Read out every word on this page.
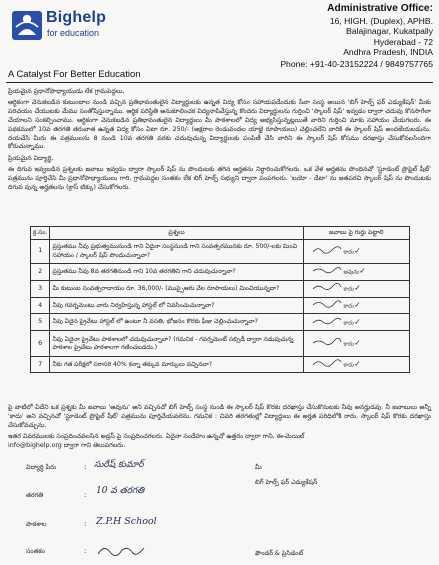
Bighelp
for education
A Catalyst For Better Education
Administrative Office:
16, HIGH. (Duplex), APHB.
Balajinagar, Kukatpally
Hyderabad - 72
Andhra Pradesh, INDIA
Phone: +91-40-23152224 / 9849757765

ప్రియమైన ప్రధానోపాధ్యాయుడు లేక గ్రామపెద్దలు,

ఆర్థికంగా వెనుకబడిన కుటుంబాల నుండి వచ్చిన ప్రతిభావంతులైన విద్యార్థులకు ఉన్నత విద్య కోసం సహాయపడేందుకు సేవా సంస్థ అయిన 'బిగ్ హెల్ప్ ఫర్ ఎడ్యుకేషన్' మీకు పరిచయం చేయుటకు మేము సంతోషిస్తున్నాము. ఆర్థిక పరిస్థితి అనుకూలించక విద్యనాపివేస్తున్న కొందరు విద్యార్థులను గుర్తించి 'స్కాలర్ షిప్' ఇవ్వడం ద్వారా చదువు కొనసాగేలా చేయాలని సంకల్పించాము. ఆర్థికంగా వెనుకబడిన ప్రతిభావంతులైన విద్యార్థులు మీ పాఠశాలలో విద్య అభ్యసిస్తున్నట్లయితే వారిని గుర్తించి మాకు సహాయం చేయగలరు. ఈ పథకములో 10వ తరగతి తరువాత ఉన్నత విద్య కోసం ఏటా రూ. 250/- (అక్షరాల రెండువందల యాభై రూపాయలు) చెల్లించలేని వారికి ఈ స్కాలర్ షిప్ అందజేయబడును. దయచేసి మీరు ఈ పత్రములను 8 నుండి 10వ తరగతి వరకు చదువుచున్న విద్యార్థులకు పంపిణీ చేసి వారిని ఈ స్కాలర్ షిప్ కోసము దరఖాస్తు చేసుకోవలసిందిగా కోరుచున్నాము.

ప్రియమైన విద్యార్థి,

ఈ దిగువ ఇవ్వబడిన ప్రశ్నలకు జవాబు ఇవ్వడం ద్వారా స్కాలర్ షిప్ ను పొందుటకు తగిన అర్హతను నిర్ధారించుకోగలరు. ఒక వేళ అర్హతను పొందినచో 'స్టూడెంట్ ప్రొఫైల్ షీట్' పత్రమును పూర్తిచేసి మీ ప్రధానోపాధ్యాయులు గారి, గ్రామపెద్దల సంతకం లేక బిగ్ హెల్ప్ సభ్యుని ద్వారా పంపగలరు. 'బయో - డేటా' ను జతపరచి స్కాలర్ షిప్ ను పొందుటకు దిగువ వున్న అర్హతలను (క్రాస్ టిక్కు) చేసుకోగలరు.

క్ర.సం.	ప్రశ్నలు	జవాబు పై గుర్తు పెట్టాలి
1	ప్రస్తుతము నీవు ప్రభుత్వమునుండి గాని ఏదైనా సంస్థనుండి గాని సంవత్సరమునకు రూ. 500/-లకు మించి సహాయం / స్కాలర్ షిప్ పొందుచున్నావా?	కాదు✓
2	ప్రస్తుతము నీవు 8వ తరగతినుండి గాని 10వ తరగతిని గాని చదువుచున్నావా?	అవును✓
3	మీ కుటుంబ సంవత్సరాదాయం రూ. 36,000/- (ముప్పైఆరు వేల రూపాయలు) మించియున్నదా?	కాదు✓
4	నీవు గవర్నమెంటు వారు నిర్వహిస్తున్న హాస్టల్ లో నివసించుచున్నావా?	కాదు✓
5	నీవు ఏదైన ప్రైవేటు హాస్టల్ లో ఉంటూ నీ వసతి, భోజనం కొరకు ఫీజు చెల్లించుచున్నావా?	కాదు✓
6	నీవు ఏదైనా ప్రైవేటు పాఠశాలలో చదువుచున్నావా? (గమనిక - గవర్నమెంట్ సబ్సిడీ ద్వారా నడుపుచున్న పాఠశాల ప్రైవేటు పాఠశాలగా గణించబడదు.)	కాదు✓
7	నీకు గత పరీక్షలో సరాసరి 40% కన్నా తక్కువ మార్కులు వచ్చినవా?	కాదు✓

పై వాటిలో ఏదేని ఒక ప్రశ్నకు మీ జవాబు 'అవును' అని వచ్చినచో బిగ్ హెల్ప్ సంస్థ నుండి ఈ స్కాలర్ షిప్ కొరకు దరఖాస్తు చేసుకొనుటకు నీవు అనర్హుడవు. నీ జవాబులు అన్నీ 'కాదు' అని వచ్చినచో 'స్టూడెంట్ ప్రొఫైల్ షీట్' పత్రమును పూర్తిచేయవలెను. గమనిక : చివరి తరగతుల్లో విద్యార్థులు ఈ అర్హత పరిధిలోకి రారు. స్కాలర్ షిప్ కొరకు దరఖాస్తు చేసుకోవచ్చును.

ఇతర వివరములకు సంప్రదించవలసిన అడ్రస్ పై సంప్రదించగలరు. ఏదైనా సందేహం ఉన్నచో ఉత్తరం ద్వారా గాని, ఈ-మెయిల్
info@bighelp.org ద్వారా గాని తెలుపగలరు.

విద్యార్థి పేరు	: సురేష్ కుమార్	మీ
బిగ్ హెల్ప్ ఫర్ ఎడ్యుకేషన్
తరగతి	: 10 వ తరగతి
పాఠశాల	: Z.P.H School
సంతకం	:	ఫౌండర్ & ప్రెసిడెంట్
